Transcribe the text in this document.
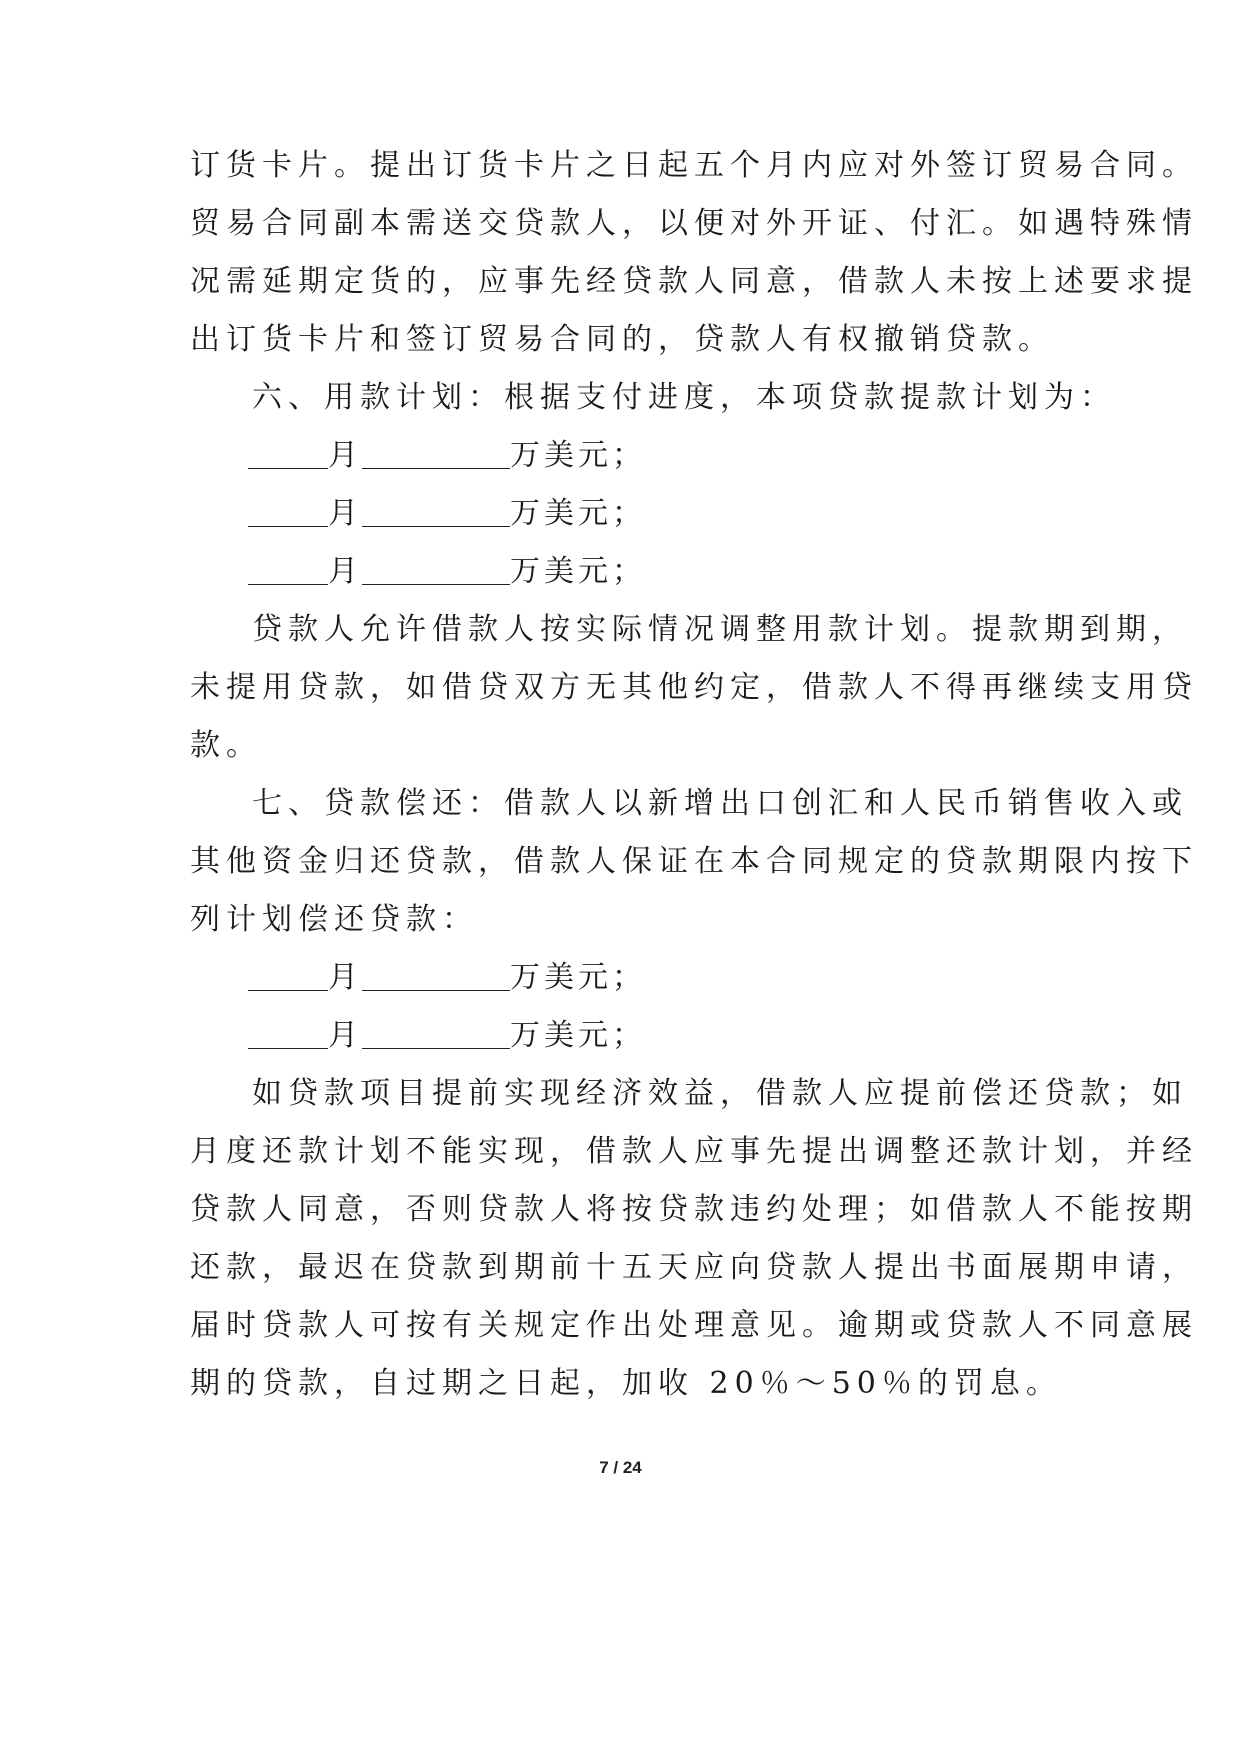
订货卡片。提出订货卡片之日起五个月内应对外签订贸易合同。
贸易合同副本需送交贷款人，以便对外开证、付汇。如遇特殊情
况需延期定货的，应事先经贷款人同意，借款人未按上述要求提
出订货卡片和签订贸易合同的，贷款人有权撤销贷款。
六、用款计划：根据支付进度，本项贷款提款计划为：
月	万美元；
月	万美元；
月	万美元；
贷款人允许借款人按实际情况调整用款计划。提款期到期，
未提用贷款，如借贷双方无其他约定，借款人不得再继续支用贷
款。
七、贷款偿还：借款人以新增出口创汇和人民币销售收入或
其他资金归还贷款，借款人保证在本合同规定的贷款期限内按下
列计划偿还贷款：
月	万美元；
月	万美元；
如贷款项目提前实现经济效益，借款人应提前偿还贷款；如
月度还款计划不能实现，借款人应事先提出调整还款计划，并经
贷款人同意，否则贷款人将按贷款违约处理；如借款人不能按期
还款，最迟在贷款到期前十五天应向贷款人提出书面展期申请，
届时贷款人可按有关规定作出处理意见。逾期或贷款人不同意展
期的贷款，自过期之日起，加收 20％～50％的罚息。
7 / 24
